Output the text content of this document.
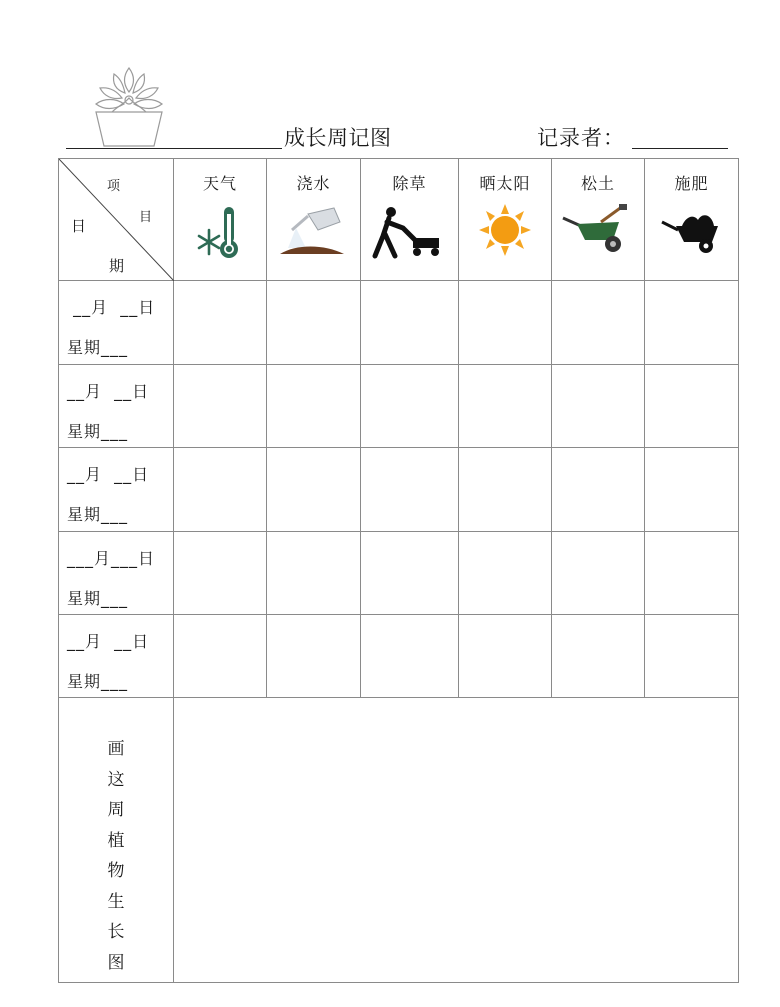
成长周记图	记录者：
项
目
日
期	天气	浇水	除草	晒太阳	松土	施肥

__月  __日
星期___						

__月  __日
星期___						

__月  __日
星期___						

___月___日
星期___						

__月  __日
星期___						

画这周植物生长图						
